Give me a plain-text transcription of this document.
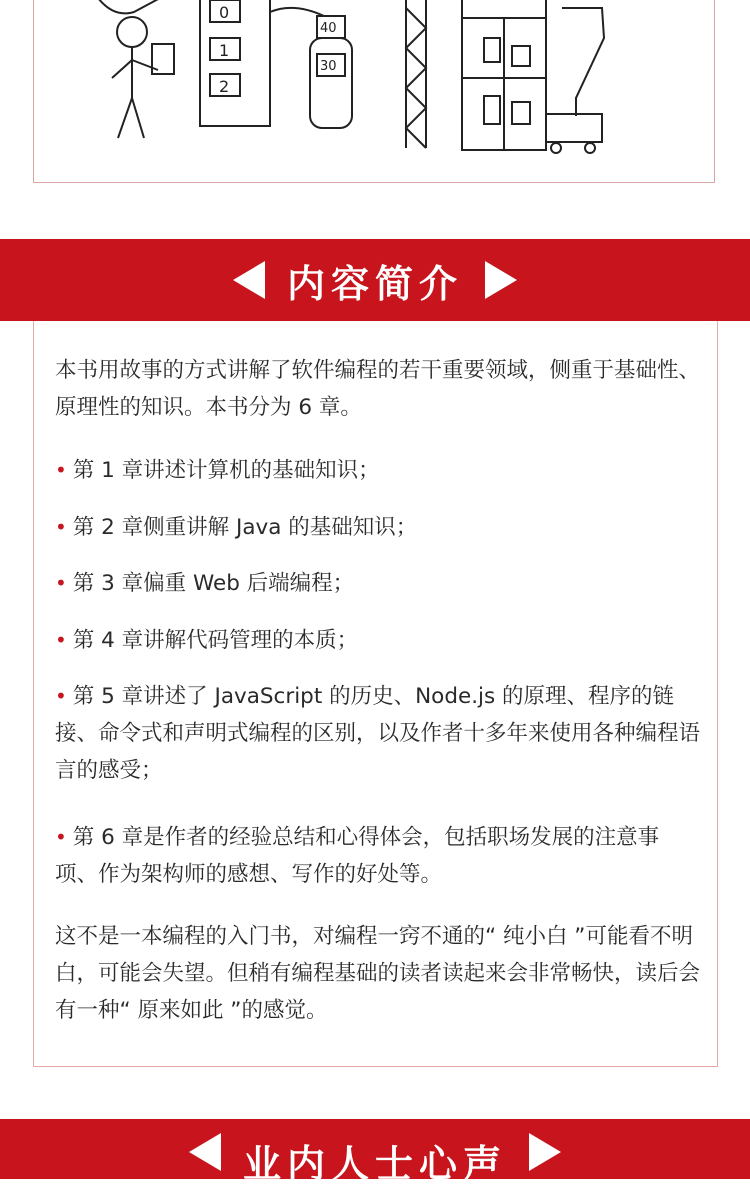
0
1
2
40
30
内容简介
本书用故事的方式讲解了软件编程的若干重要领域，侧重于基础性、原理性的知识。本书分为 6 章。
• 第 1 章讲述计算机的基础知识；
• 第 2 章侧重讲解 Java 的基础知识；
• 第 3 章偏重 Web 后端编程；
• 第 4 章讲解代码管理的本质；
• 第 5 章讲述了 JavaScript 的历史、Node.js 的原理、程序的链接、命令式和声明式编程的区别，以及作者十多年来使用各种编程语言的感受；
• 第 6 章是作者的经验总结和心得体会，包括职场发展的注意事项、作为架构师的感想、写作的好处等。
这不是一本编程的入门书，对编程一窍不通的“ 纯小白 ”可能看不明白，可能会失望。但稍有编程基础的读者读起来会非常畅快，读后会有一种“ 原来如此 ”的感觉。
业内人士心声
